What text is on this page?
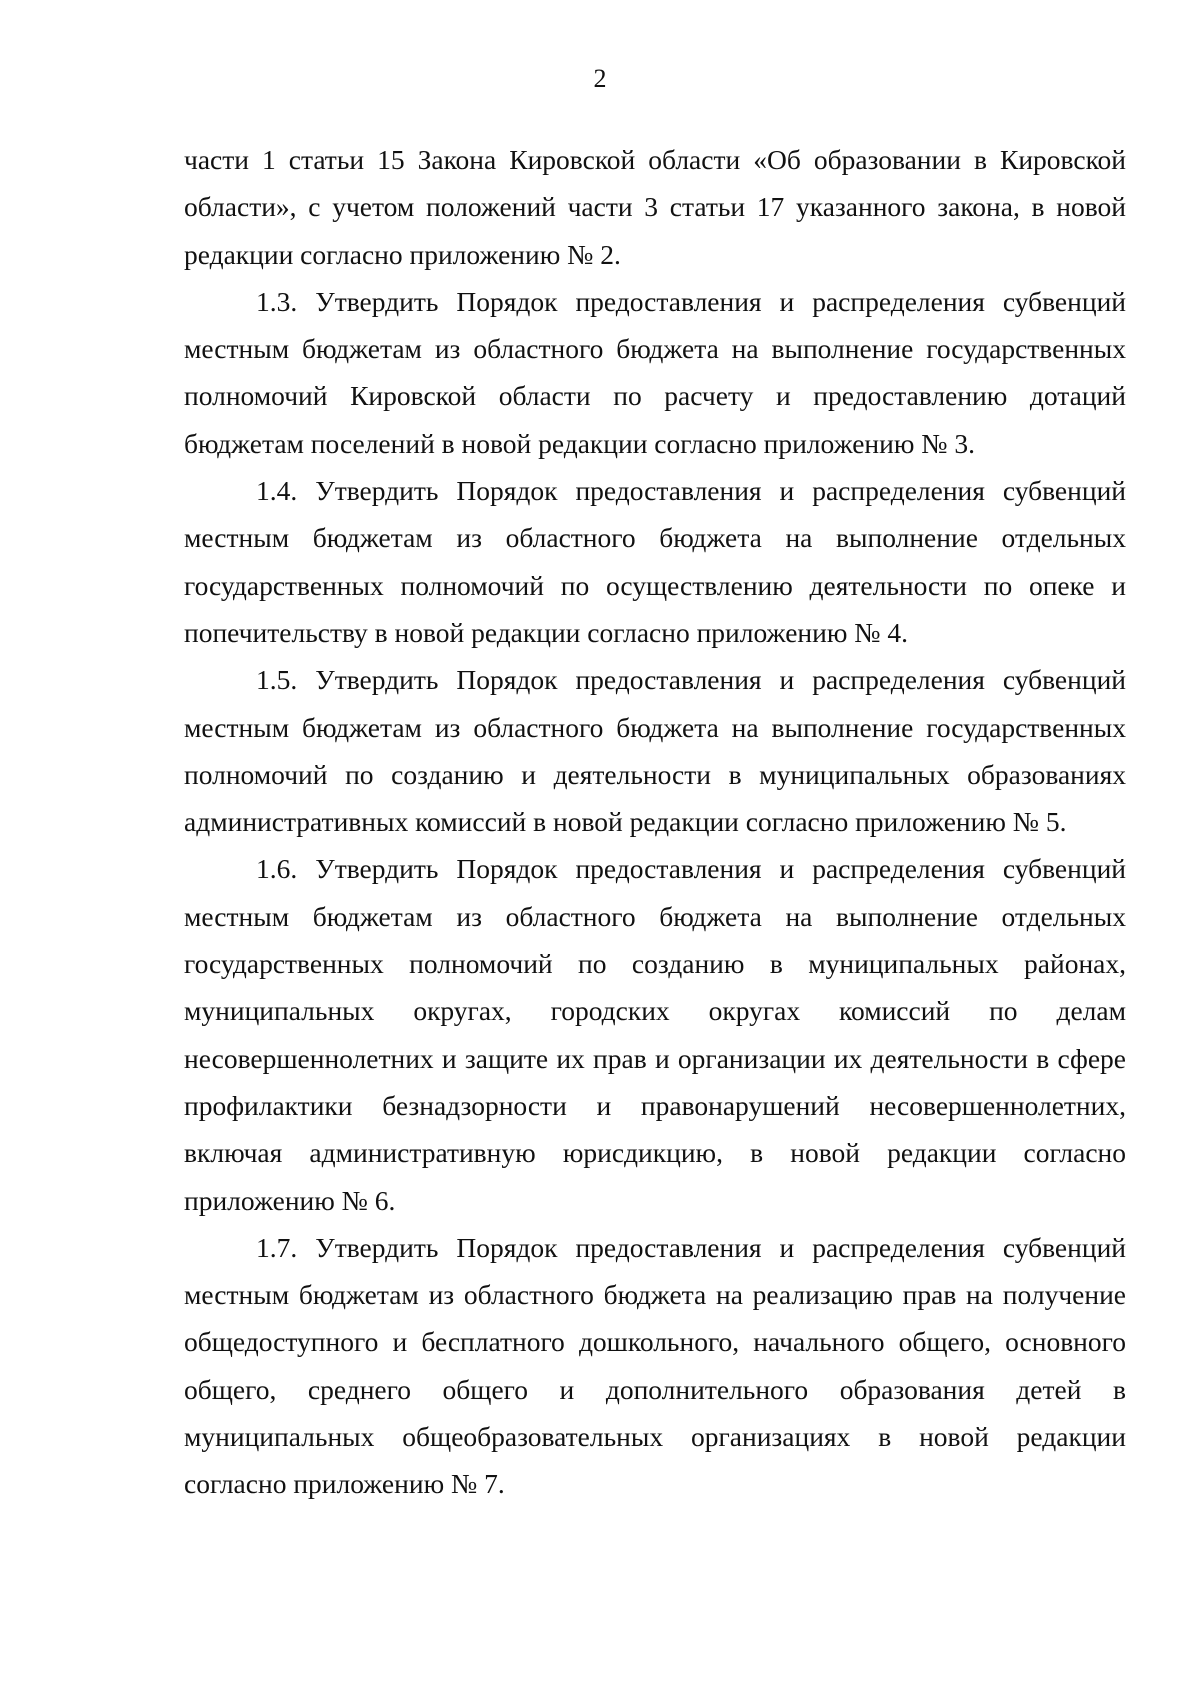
2

части 1 статьи 15 Закона Кировской области «Об образовании в Кировской области», с учетом положений части 3 статьи 17 указанного закона, в новой редакции согласно приложению № 2.

1.3. Утвердить Порядок предоставления и распределения субвенций местным бюджетам из областного бюджета на выполнение государственных полномочий Кировской области по расчету и предоставлению дотаций бюджетам поселений в новой редакции согласно приложению № 3.

1.4. Утвердить Порядок предоставления и распределения субвенций местным бюджетам из областного бюджета на выполнение отдельных государственных полномочий по осуществлению деятельности по опеке и попечительству в новой редакции согласно приложению № 4.

1.5. Утвердить Порядок предоставления и распределения субвенций местным бюджетам из областного бюджета на выполнение государственных полномочий по созданию и деятельности в муниципальных образованиях административных комиссий в новой редакции согласно приложению № 5.

1.6. Утвердить Порядок предоставления и распределения субвенций местным бюджетам из областного бюджета на выполнение отдельных государственных полномочий по созданию в муниципальных районах, муниципальных округах, городских округах комиссий по делам несовершеннолетних и защите их прав и организации их деятельности в сфере профилактики безнадзорности и правонарушений несовершеннолетних, включая административную юрисдикцию, в новой редакции согласно приложению № 6.

1.7. Утвердить Порядок предоставления и распределения субвенций местным бюджетам из областного бюджета на реализацию прав на получение общедоступного и бесплатного дошкольного, начального общего, основного общего, среднего общего и дополнительного образования детей в муниципальных общеобразовательных организациях в новой редакции согласно приложению № 7.
